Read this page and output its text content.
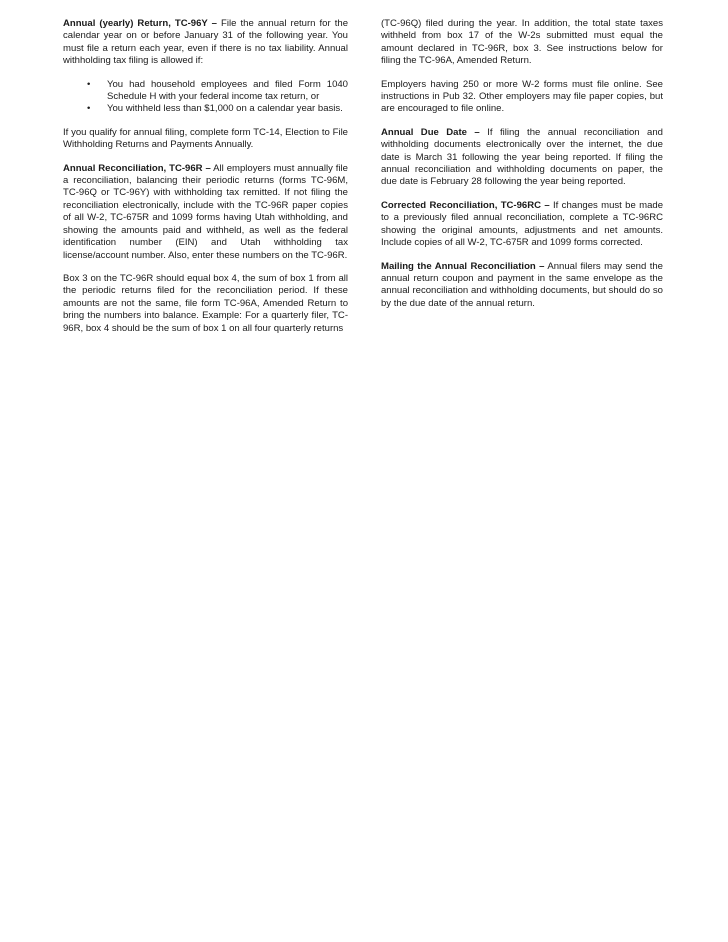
Annual (yearly) Return, TC-96Y – File the annual return for the calendar year on or before January 31 of the following year. You must file a return each year, even if there is no tax liability. Annual withholding tax filing is allowed if:

• You had household employees and filed Form 1040 Schedule H with your federal income tax return, or
• You withheld less than $1,000 on a calendar year basis.

If you qualify for annual filing, complete form TC-14, Election to File Withholding Returns and Payments Annually.

Annual Reconciliation, TC-96R – All employers must annually file a reconciliation, balancing their periodic returns (forms TC-96M, TC-96Q or TC-96Y) with withholding tax remitted. If not filing the reconciliation electronically, include with the TC-96R paper copies of all W-2, TC-675R and 1099 forms having Utah withholding, and showing the amounts paid and withheld, as well as the federal identification number (EIN) and Utah withholding tax license/account number. Also, enter these numbers on the TC-96R.

Box 3 on the TC-96R should equal box 4, the sum of box 1 from all the periodic returns filed for the reconciliation period. If these amounts are not the same, file form TC-96A, Amended Return to bring the numbers into balance. Example: For a quarterly filer, TC-96R, box 4 should be the sum of box 1 on all four quarterly returns

(TC-96Q) filed during the year. In addition, the total state taxes withheld from box 17 of the W-2s submitted must equal the amount declared in TC-96R, box 3. See instructions below for filing the TC-96A, Amended Return.

Employers having 250 or more W-2 forms must file online. See instructions in Pub 32. Other employers may file paper copies, but are encouraged to file online.

Annual Due Date – If filing the annual reconciliation and withholding documents electronically over the internet, the due date is March 31 following the year being reported. If filing the annual reconciliation and withholding documents on paper, the due date is February 28 following the year being reported.

Corrected Reconciliation, TC-96RC – If changes must be made to a previously filed annual reconciliation, complete a TC-96RC showing the original amounts, adjustments and net amounts. Include copies of all W-2, TC-675R and 1099 forms corrected.

Mailing the Annual Reconciliation – Annual filers may send the annual return coupon and payment in the same envelope as the annual reconciliation and withholding documents, but should do so by the due date of the annual return.
